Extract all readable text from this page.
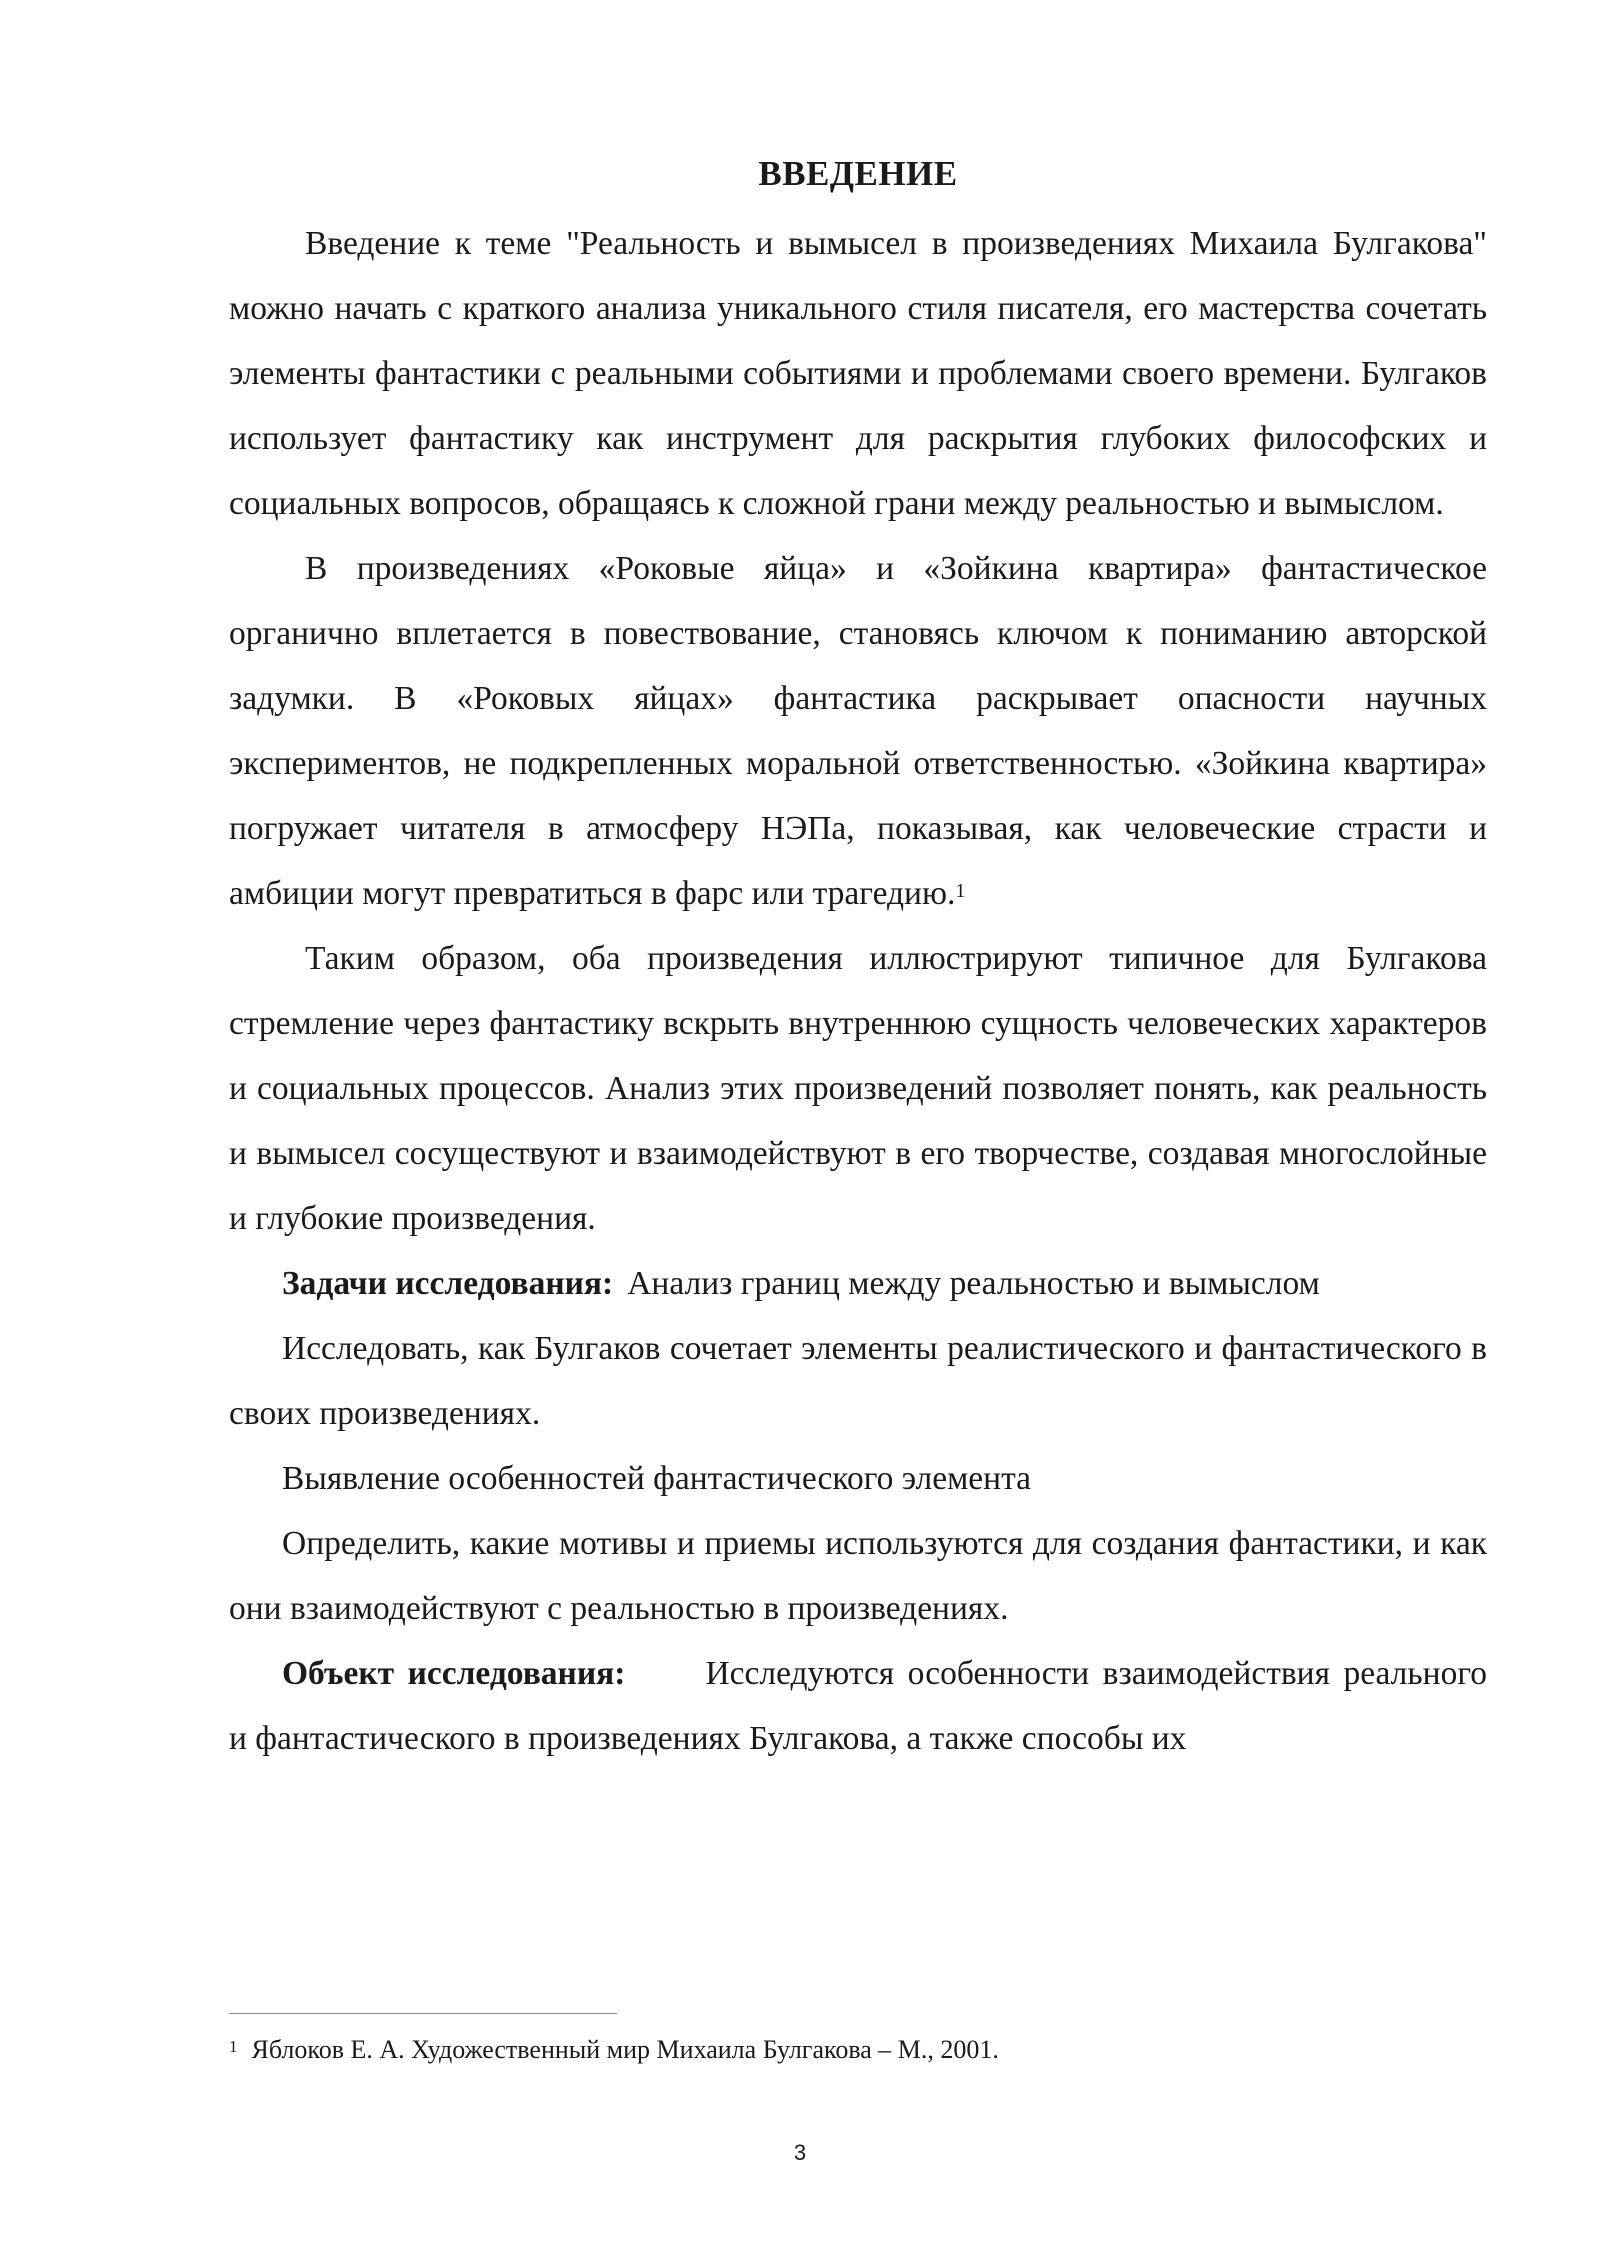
ВВЕДЕНИЕ

Введение к теме "Реальность и вымысел в произведениях Михаила Булгакова" можно начать с краткого анализа уникального стиля писателя, его мастерства сочетать элементы фантастики с реальными событиями и проблемами своего времени. Булгаков использует фантастику как инструмент для раскрытия глубоких философских и социальных вопросов, обращаясь к сложной грани между реальностью и вымыслом.

В произведениях «Роковые яйца» и «Зойкина квартира» фантастическое органично вплетается в повествование, становясь ключом к пониманию авторской задумки. В «Роковых яйцах» фантастика раскрывает опасности научных экспериментов, не подкрепленных моральной ответственностью. «Зойкина квартира» погружает читателя в атмосферу НЭПа, показывая, как человеческие страсти и амбиции могут превратиться в фарс или трагедию.$^1$

Таким образом, оба произведения иллюстрируют типичное для Булгакова стремление через фантастику вскрыть внутреннюю сущность человеческих характеров и социальных процессов. Анализ этих произведений позволяет понять, как реальность и вымысел сосуществуют и взаимодействуют в его творчестве, создавая многослойные и глубокие произведения.

Задачи исследования: Анализ границ между реальностью и вымыслом

Исследовать, как Булгаков сочетает элементы реалистического и фантастического в своих произведениях.

Выявление особенностей фантастического элемента

Определить, какие мотивы и приемы используются для создания фантастики, и как они взаимодействуют с реальностью в произведениях.

Объект исследования: Исследуются особенности взаимодействия реального и фантастического в произведениях Булгакова, а также способы их

$^1$ Яблоков Е. А. Художественный мир Михаила Булгакова – М., 2001.
3
